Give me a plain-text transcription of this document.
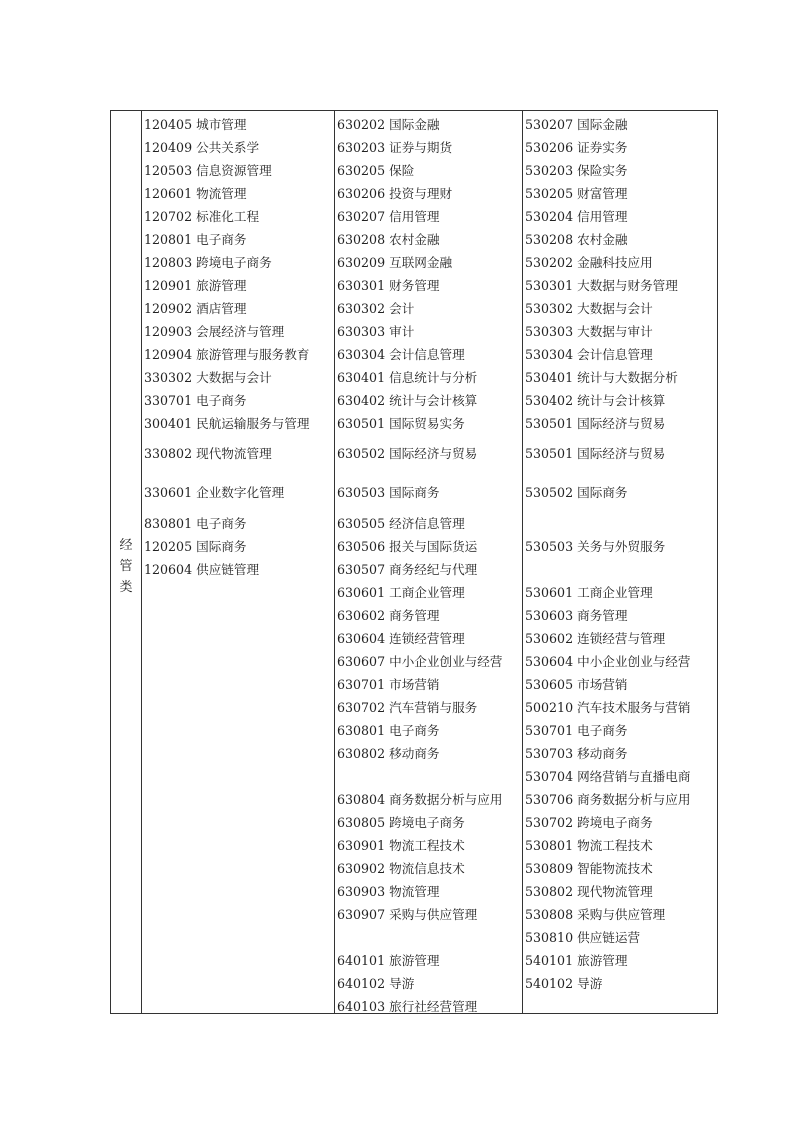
经
管
类
120405 城市管理
120409 公共关系学
120503 信息资源管理
120601 物流管理
120702 标准化工程
120801 电子商务
120803 跨境电子商务
120901 旅游管理
120902 酒店管理
120903 会展经济与管理
120904 旅游管理与服务教育
330302 大数据与会计
330701 电子商务
300401 民航运输服务与管理
330802 现代物流管理
330601 企业数字化管理
830801 电子商务
120205 国际商务
120604 供应链管理
630202 国际金融
630203 证券与期货
630205 保险
630206 投资与理财
630207 信用管理
630208 农村金融
630209 互联网金融
630301 财务管理
630302 会计
630303 审计
630304 会计信息管理
630401 信息统计与分析
630402 统计与会计核算
630501 国际贸易实务
630502 国际经济与贸易
630503 国际商务
630505 经济信息管理
630506 报关与国际货运
630507 商务经纪与代理
630601 工商企业管理
630602 商务管理
630604 连锁经营管理
630607 中小企业创业与经营
630701 市场营销
630702 汽车营销与服务
630801 电子商务
630802 移动商务
630804 商务数据分析与应用
630805 跨境电子商务
630901 物流工程技术
630902 物流信息技术
630903 物流管理
630907 采购与供应管理
640101 旅游管理
640102 导游
640103 旅行社经营管理
530207 国际金融
530206 证券实务
530203 保险实务
530205 财富管理
530204 信用管理
530208 农村金融
530202 金融科技应用
530301 大数据与财务管理
530302 大数据与会计
530303 大数据与审计
530304 会计信息管理
530401 统计与大数据分析
530402 统计与会计核算
530501 国际经济与贸易
530501 国际经济与贸易
530502 国际商务
530503 关务与外贸服务
530601 工商企业管理
530603 商务管理
530602 连锁经营与管理
530604 中小企业创业与经营
530605 市场营销
500210 汽车技术服务与营销
530701 电子商务
530703 移动商务
530704 网络营销与直播电商
530706 商务数据分析与应用
530702 跨境电子商务
530801 物流工程技术
530809 智能物流技术
530802 现代物流管理
530808 采购与供应管理
530810 供应链运营
540101 旅游管理
540102 导游
